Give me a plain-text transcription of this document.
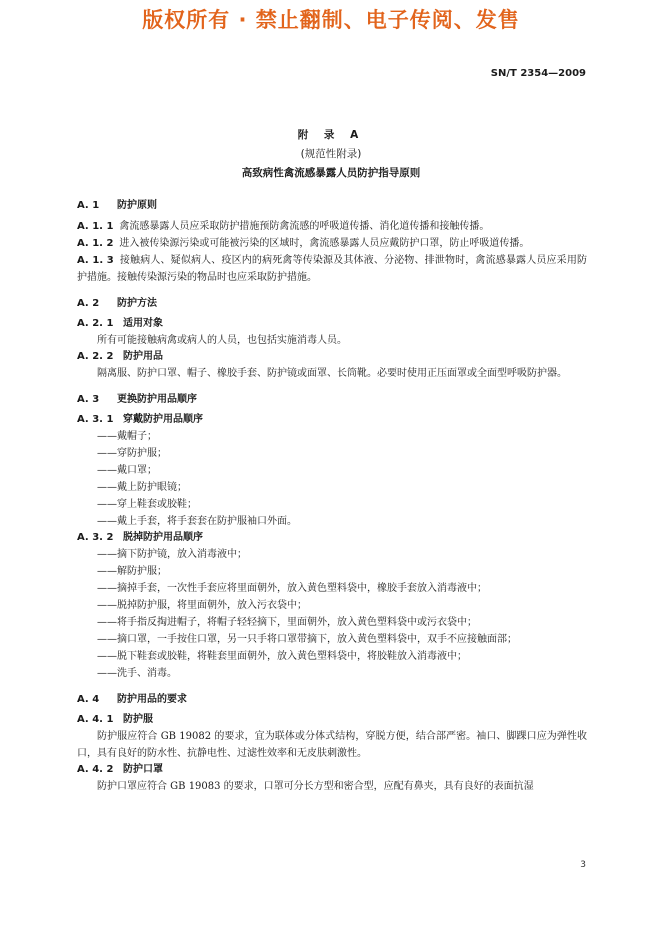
版权所有 · 禁止翻制、电子传阅、发售
SN/T 2354—2009
附 录 A
(规范性附录)
高致病性禽流感暴露人员防护指导原则
A. 1 防护原则
A. 1. 1 禽流感暴露人员应采取防护措施预防禽流感的呼吸道传播、消化道传播和接触传播。
A. 1. 2 进入被传染源污染或可能被污染的区域时，禽流感暴露人员应戴防护口罩，防止呼吸道传播。
A. 1. 3 接触病人、疑似病人、疫区内的病死禽等传染源及其体液、分泌物、排泄物时，禽流感暴露人员应采用防护措施。接触传染源污染的物品时也应采取防护措施。
A. 2 防护方法
A. 2. 1 适用对象
所有可能接触病禽或病人的人员，也包括实施消毒人员。
A. 2. 2 防护用品
隔离服、防护口罩、帽子、橡胶手套、防护镜或面罩、长筒靴。必要时使用正压面罩或全面型呼吸防护器。
A. 3 更换防护用品顺序
A. 3. 1 穿戴防护用品顺序
——戴帽子；
——穿防护服；
——戴口罩；
——戴上防护眼镜；
——穿上鞋套或胶鞋；
——戴上手套，将手套套在防护服袖口外面。
A. 3. 2 脱掉防护用品顺序
——摘下防护镜，放入消毒液中；
——解防护服；
——摘掉手套，一次性手套应将里面朝外，放入黄色塑料袋中，橡胶手套放入消毒液中；
——脱掉防护服，将里面朝外，放入污衣袋中；
——将手指反掏进帽子，将帽子轻轻摘下，里面朝外，放入黄色塑料袋中或污衣袋中；
——摘口罩，一手按住口罩，另一只手将口罩带摘下，放入黄色塑料袋中，双手不应接触面部；
——脱下鞋套或胶鞋，将鞋套里面朝外，放入黄色塑料袋中，将胶鞋放入消毒液中；
——洗手、消毒。
A. 4 防护用品的要求
A. 4. 1 防护服
防护服应符合 GB 19082 的要求，宜为联体或分体式结构，穿脱方便，结合部严密。袖口、脚踝口应为弹性收口，具有良好的防水性、抗静电性、过滤性效率和无皮肤刺激性。
A. 4. 2 防护口罩
防护口罩应符合 GB 19083 的要求，口罩可分长方型和密合型，应配有鼻夹，具有良好的表面抗湿
3
